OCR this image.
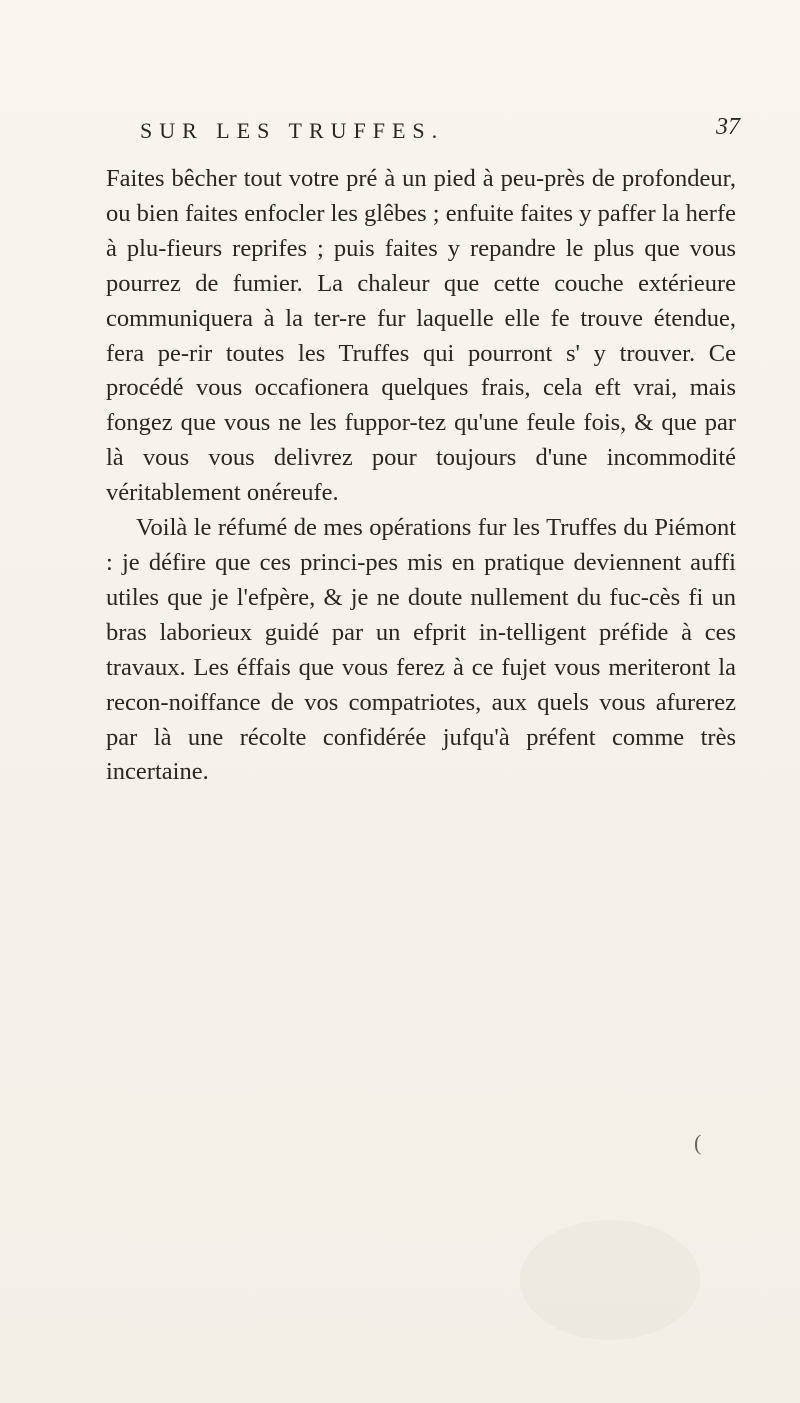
SUR LES TRUFFES.	37

Faites bêcher tout votre pré à un pied à peu-près de profondeur, ou bien faites enfocler les glêbes ; enfuite faites y paffer la herfe à plu-fieurs reprifes ; puis faites y repandre le plus que vous pourrez de fumier. La chaleur que cette couche extérieure communiquera à la ter-re fur laquelle elle fe trouve étendue, fera pe-rir toutes les Truffes qui pourront s' y trouver. Ce procédé vous occafionera quelques frais, cela eft vrai, mais fongez que vous ne les fuppor-tez qu'une feule fois, & que par là vous vous delivrez pour toujours d'une incommodité véritablement onéreufe.

Voilà le réfumé de mes opérations fur les Truffes du Piémont : je défire que ces princi-pes mis en pratique deviennent auffi utiles que je l'efpère, & je ne doute nullement du fuc-cès fi un bras laborieux guidé par un efprit in-telligent préfide à ces travaux. Les éffais que vous ferez à ce fujet vous meriteront la recon-noiffance de vos compatriotes, aux quels vous afurerez par là une récolte confidérée jufqu'à préfent comme très incertaine.

(
